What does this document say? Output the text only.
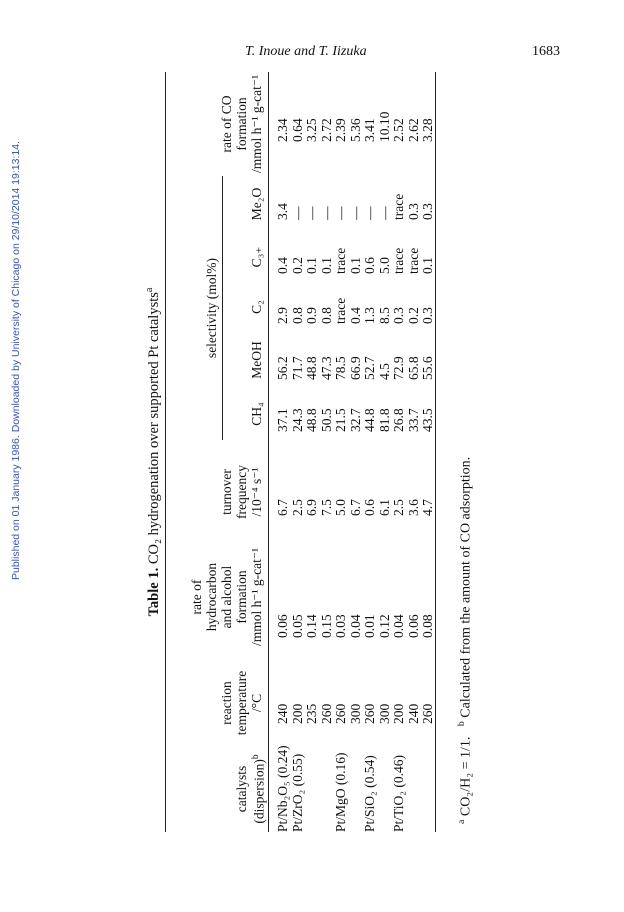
T. Inoue and T. Iizuka	1683
Published on 01 January 1986. Downloaded by University of Chicago on 29/10/2014 19:13:14.
Table 1. CO₂ hydrogenation over supported Pt catalysts$^a$
catalysts (dispersion)$^b$
reaction temperature /°C
rate of hydrocarbon and alcohol formation /mmol h⁻¹ g-cat⁻¹
turnover frequency /10⁻⁴ s⁻¹
selectivity (mol%)
CH₄
MeOH
C₂
C₃₊
Me₂O
rate of CO formation /mmol h⁻¹ g-cat⁻¹
Pt/Nb₂O₅ (0.24)
240
0.06
6.7
37.1
56.2
2.9
0.4
3.4
2.34
Pt/ZrO₂ (0.55)
200
0.05
2.5
24.3
71.7
0.8
0.2
—
0.64
235
0.14
6.9
48.8
48.8
0.9
0.1
—
3.25
260
0.15
7.5
50.5
47.3
0.8
0.1
—
2.72
Pt/MgO (0.16)
260
0.03
5.0
21.5
78.5
trace
trace
—
2.39
300
0.04
6.7
32.7
66.9
0.4
0.1
—
5.36
Pt/SiO₂ (0.54)
260
0.01
0.6
44.8
52.7
1.3
0.6
—
3.41
300
0.12
6.1
81.8
4.5
8.5
5.0
—
10.10
Pt/TiO₂ (0.46)
200
0.04
2.5
26.8
72.9
0.3
trace
trace
2.52
240
0.06
3.6
33.7
65.8
0.2
trace
0.3
2.62
260
0.08
4.7
43.5
55.6
0.3
0.1
0.3
3.28
$^a$ CO₂/H₂ = 1/1.   $^b$ Calculated from the amount of CO adsorption.
